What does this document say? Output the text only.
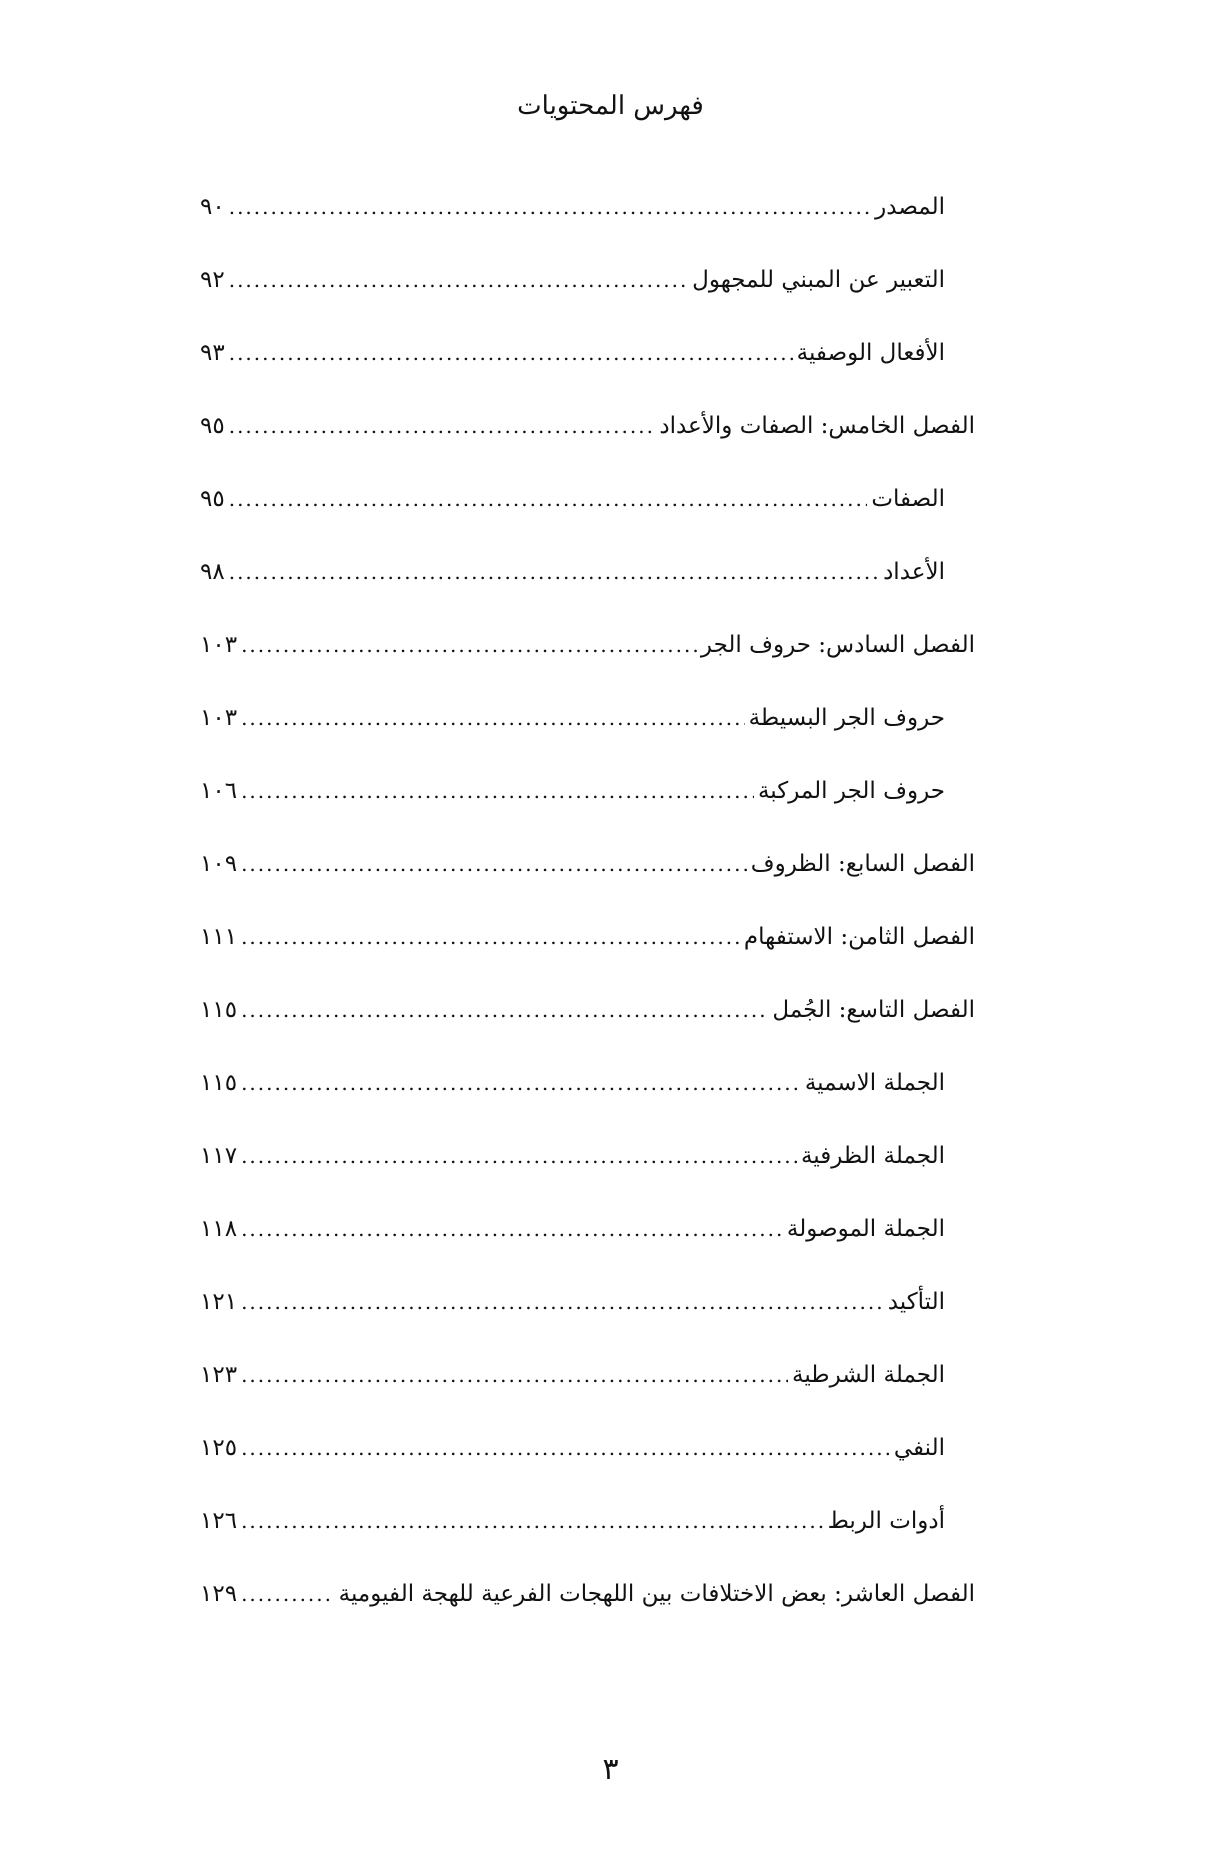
فهرس المحتويات
المصدر
.....
٩٠
التعبير عن المبني للمجهول
.....
٩٢
الأفعال الوصفية
.....
٩٣
الفصل الخامس: الصفات والأعداد
.....
٩٥
الصفات
.....
٩٥
الأعداد
.....
٩٨
الفصل السادس: حروف الجر
.....
١٠٣
حروف الجر البسيطة
.....
١٠٣
حروف الجر المركبة
.....
١٠٦
الفصل السابع: الظروف
.....
١٠٩
الفصل الثامن: الاستفهام
.....
١١١
الفصل التاسع: الجُمل
.....
١١٥
الجملة الاسمية
.....
١١٥
الجملة الظرفية
.....
١١٧
الجملة الموصولة
.....
١١٨
التأكيد
.....
١٢١
الجملة الشرطية
.....
١٢٣
النفي
.....
١٢٥
أدوات الربط
.....
١٢٦
الفصل العاشر: بعض الاختلافات بين اللهجات الفرعية للهجة الفيومية
.....
١٢٩
٣
